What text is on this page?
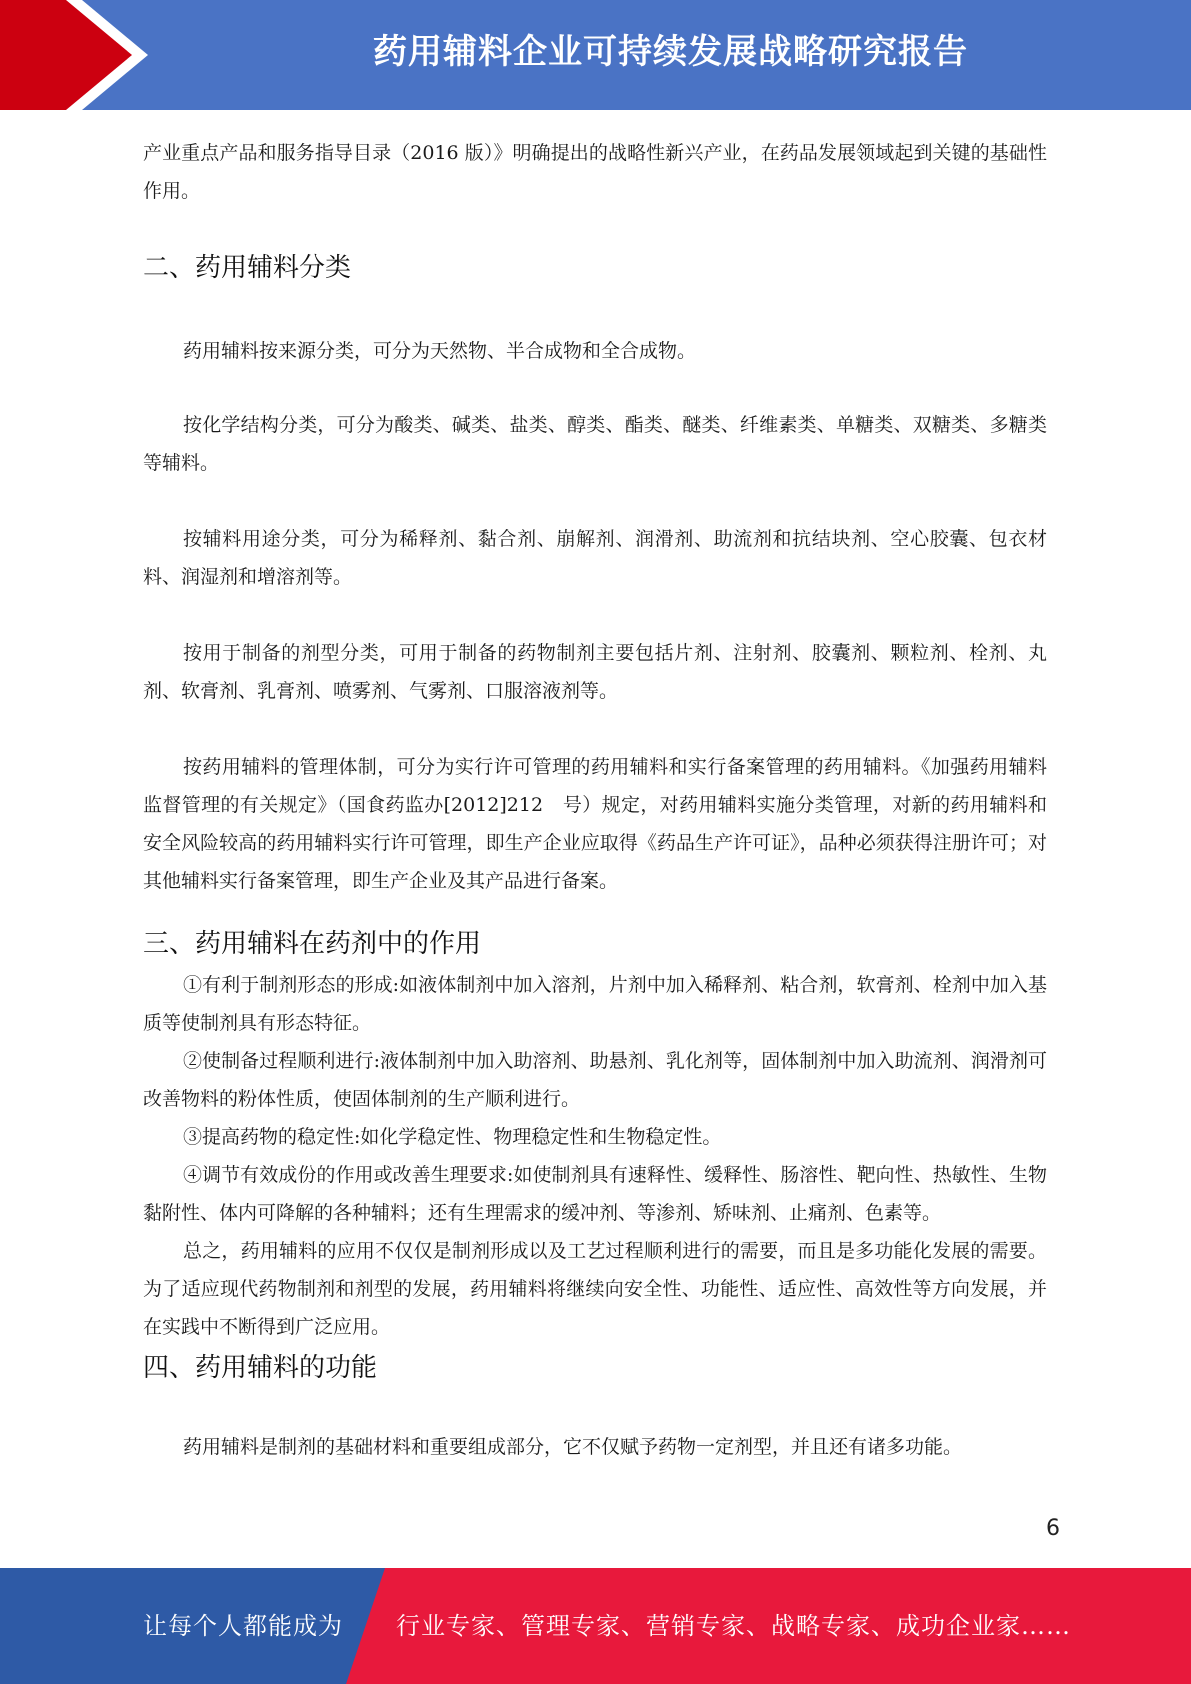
药用辅料企业可持续发展战略研究报告

产业重点产品和服务指导目录（2016 版）》明确提出的战略性新兴产业，在药品发展领域起到关键的基础性作用。

二、药用辅料分类

药用辅料按来源分类，可分为天然物、半合成物和全合成物。

按化学结构分类，可分为酸类、碱类、盐类、醇类、酯类、醚类、纤维素类、单糖类、双糖类、多糖类等辅料。

按辅料用途分类，可分为稀释剂、黏合剂、崩解剂、润滑剂、助流剂和抗结块剂、空心胶囊、包衣材料、润湿剂和增溶剂等。

按用于制备的剂型分类，可用于制备的药物制剂主要包括片剂、注射剂、胶囊剂、颗粒剂、栓剂、丸剂、软膏剂、乳膏剂、喷雾剂、气雾剂、口服溶液剂等。

按药用辅料的管理体制，可分为实行许可管理的药用辅料和实行备案管理的药用辅料。《加强药用辅料监督管理的有关规定》（国食药监办[2012]212　号）规定，对药用辅料实施分类管理，对新的药用辅料和安全风险较高的药用辅料实行许可管理，即生产企业应取得《药品生产许可证》，品种必须获得注册许可；对其他辅料实行备案管理，即生产企业及其产品进行备案。

三、药用辅料在药剂中的作用

①有利于制剂形态的形成:如液体制剂中加入溶剂，片剂中加入稀释剂、粘合剂，软膏剂、栓剂中加入基质等使制剂具有形态特征。

②使制备过程顺利进行:液体制剂中加入助溶剂、助悬剂、乳化剂等，固体制剂中加入助流剂、润滑剂可改善物料的粉体性质，使固体制剂的生产顺利进行。

③提高药物的稳定性:如化学稳定性、物理稳定性和生物稳定性。

④调节有效成份的作用或改善生理要求:如使制剂具有速释性、缓释性、肠溶性、靶向性、热敏性、生物黏附性、体内可降解的各种辅料；还有生理需求的缓冲剂、等渗剂、矫味剂、止痛剂、色素等。

总之，药用辅料的应用不仅仅是制剂形成以及工艺过程顺利进行的需要，而且是多功能化发展的需要。为了适应现代药物制剂和剂型的发展，药用辅料将继续向安全性、功能性、适应性、高效性等方向发展，并在实践中不断得到广泛应用。

四、药用辅料的功能

药用辅料是制剂的基础材料和重要组成部分，它不仅赋予药物一定剂型，并且还有诸多功能。

6
让每个人都能成为 行业专家、管理专家、营销专家、战略专家、成功企业家……
